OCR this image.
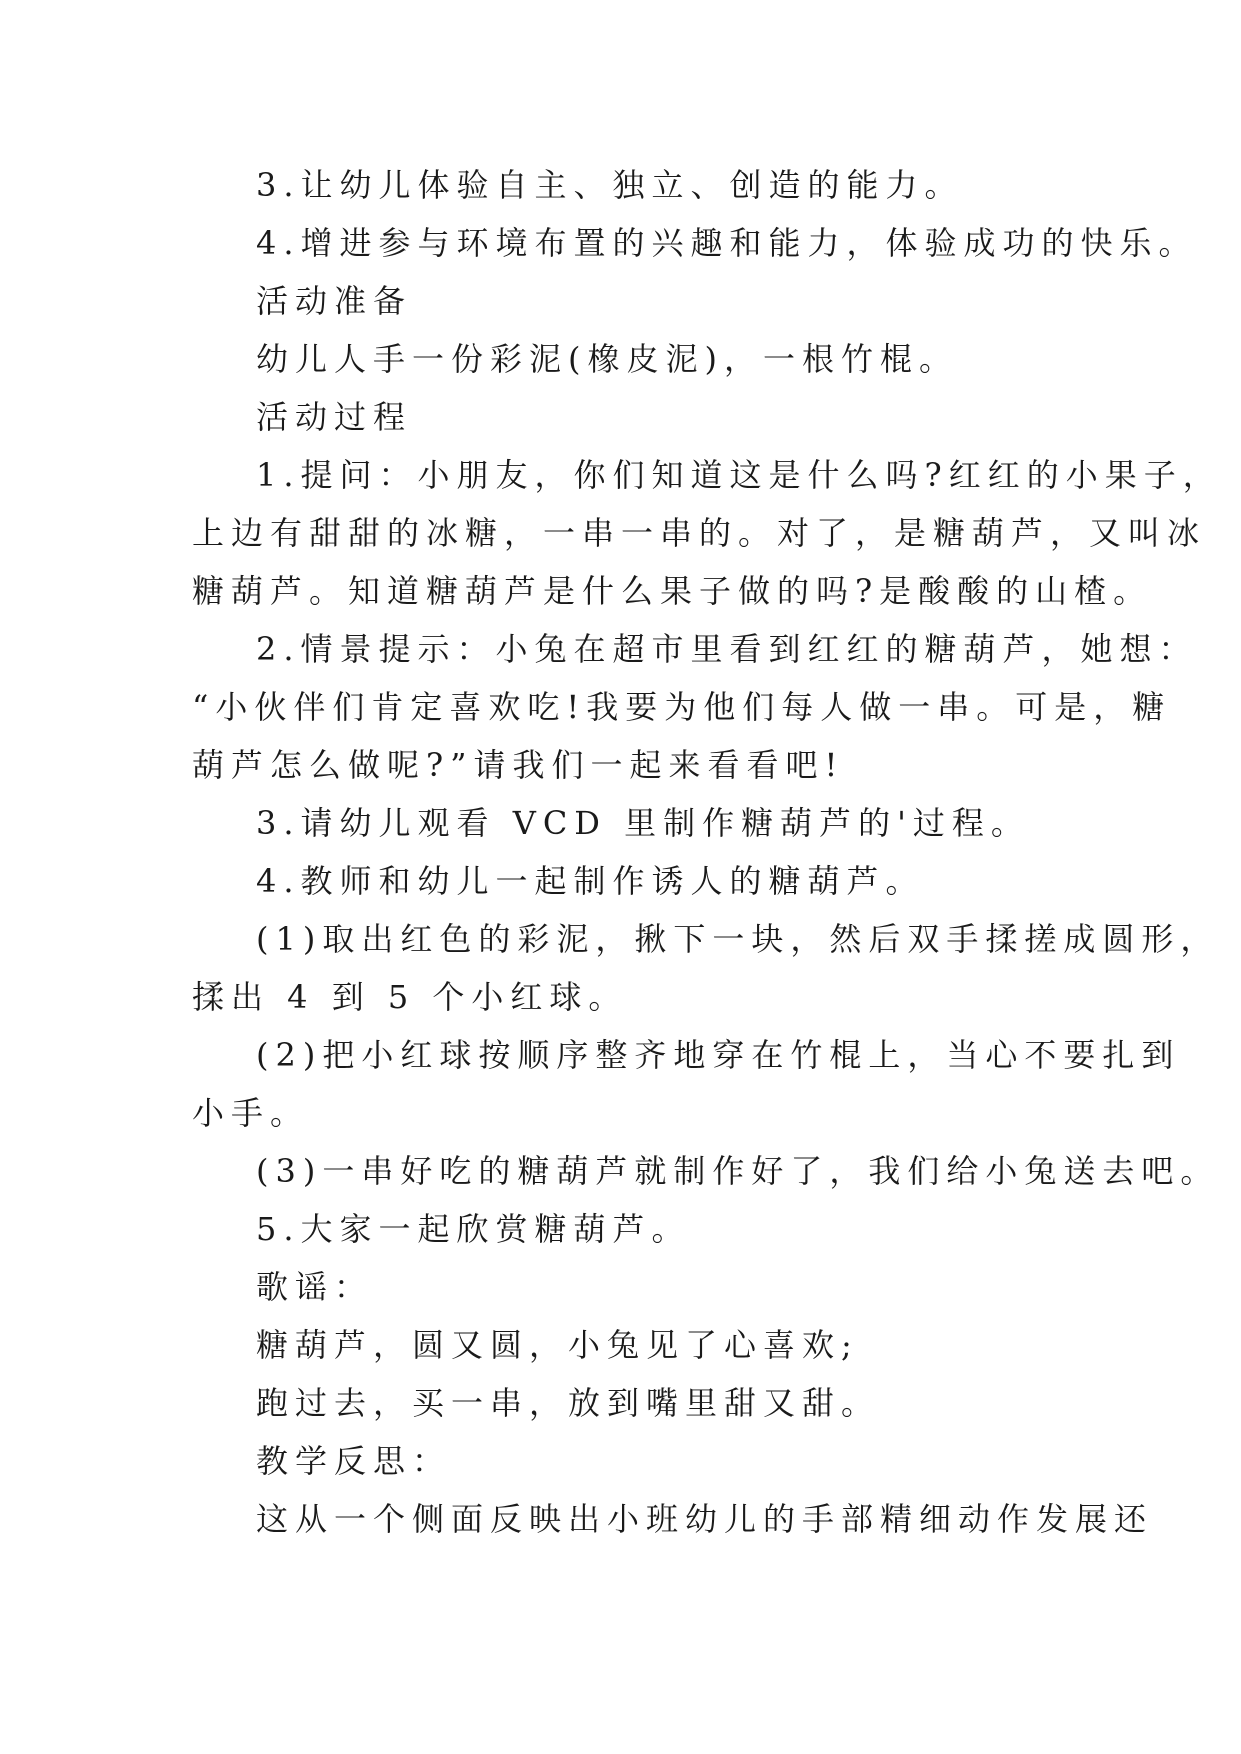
3.让幼儿体验自主、独立、创造的能力。
4.增进参与环境布置的兴趣和能力，体验成功的快乐。
活动准备
幼儿人手一份彩泥(橡皮泥)，一根竹棍。
活动过程
1.提问：小朋友，你们知道这是什么吗?红红的小果子，
上边有甜甜的冰糖，一串一串的。对了，是糖葫芦，又叫冰
糖葫芦。知道糖葫芦是什么果子做的吗?是酸酸的山楂。
2.情景提示：小兔在超市里看到红红的糖葫芦，她想：
“小伙伴们肯定喜欢吃!我要为他们每人做一串。可是，糖
葫芦怎么做呢?”请我们一起来看看吧!
3.请幼儿观看 VCD 里制作糖葫芦的'过程。
4.教师和幼儿一起制作诱人的糖葫芦。
(1)取出红色的彩泥，揪下一块，然后双手揉搓成圆形，
揉出 4 到 5 个小红球。
(2)把小红球按顺序整齐地穿在竹棍上，当心不要扎到
小手。
(3)一串好吃的糖葫芦就制作好了，我们给小兔送去吧。
5.大家一起欣赏糖葫芦。
歌谣：
糖葫芦，圆又圆，小兔见了心喜欢;
跑过去，买一串，放到嘴里甜又甜。
教学反思：
这从一个侧面反映出小班幼儿的手部精细动作发展还
